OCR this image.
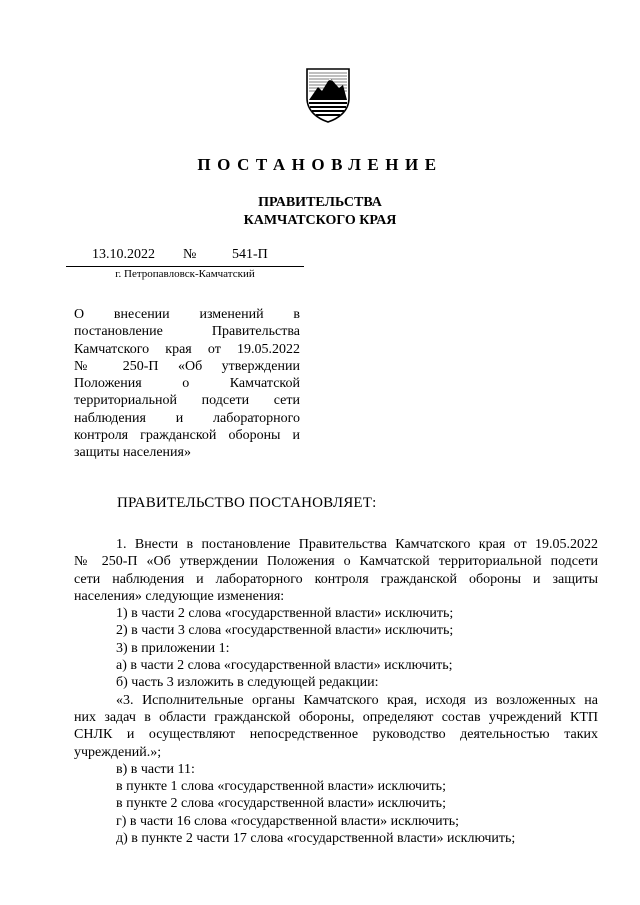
ПОСТАНОВЛЕНИЕ
ПРАВИТЕЛЬСТВА
КАМЧАТСКОГО КРАЯ
13.10.2022 №	541-П
г. Петропавловск-Камчатский
О внесении изменений в
постановление Правительства
Камчатского края от 19.05.2022
№ 250-П «Об утверждении
Положения о Камчатской
территориальной подсети сети
наблюдения и лабораторного
контроля гражданской обороны и
защиты населения»
ПРАВИТЕЛЬСТВО ПОСТАНОВЛЯЕТ:

1. Внести в постановление Правительства Камчатского края от 19.05.2022

№ 250-П «Об утверждении Положения о Камчатской территориальной подсети

сети наблюдения и лабораторного контроля гражданской обороны и защиты

населения» следующие изменения:

1) в части 2 слова «государственной власти» исключить;

2) в части 3 слова «государственной власти» исключить;

3) в приложении 1:

а) в части 2 слова «государственной власти» исключить;

б) часть 3 изложить в следующей редакции:

«3. Исполнительные органы Камчатского края, исходя из возложенных на

них задач в области гражданской обороны, определяют состав учреждений КТП

СНЛК и осуществляют непосредственное руководство деятельностью таких

учреждений.»;

в) в части 11:

в пункте 1 слова «государственной власти» исключить;

в пункте 2 слова «государственной власти» исключить;

г) в части 16 слова «государственной власти» исключить;

д) в пункте 2 части 17 слова «государственной власти» исключить;
